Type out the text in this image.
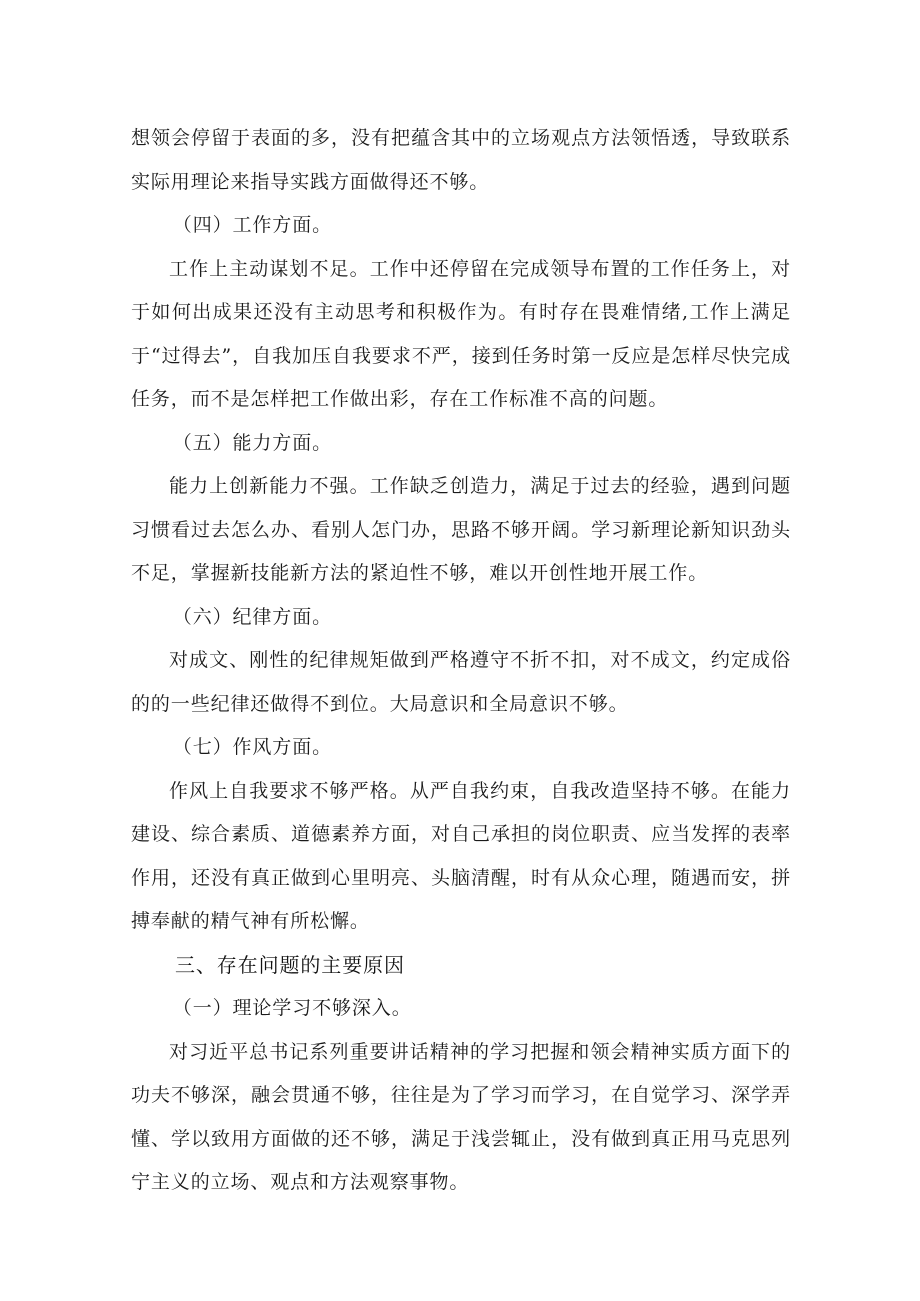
想领会停留于表面的多，没有把蕴含其中的立场观点方法领悟透，导致联系实际用理论来指导实践方面做得还不够。

（四）工作方面。

工作上主动谋划不足。工作中还停留在完成领导布置的工作任务上，对于如何出成果还没有主动思考和积极作为。有时存在畏难情绪,工作上满足于“过得去”，自我加压自我要求不严，接到任务时第一反应是怎样尽快完成任务，而不是怎样把工作做出彩，存在工作标准不高的问题。

（五）能力方面。

能力上创新能力不强。工作缺乏创造力，满足于过去的经验，遇到问题习惯看过去怎么办、看别人怎门办，思路不够开阔。学习新理论新知识劲头不足，掌握新技能新方法的紧迫性不够，难以开创性地开展工作。

（六）纪律方面。

对成文、刚性的纪律规矩做到严格遵守不折不扣，对不成文，约定成俗的的一些纪律还做得不到位。大局意识和全局意识不够。

（七）作风方面。

作风上自我要求不够严格。从严自我约束，自我改造坚持不够。在能力建设、综合素质、道德素养方面，对自己承担的岗位职责、应当发挥的表率作用，还没有真正做到心里明亮、头脑清醒，时有从众心理，随遇而安，拼搏奉献的精气神有所松懈。

三、存在问题的主要原因

（一）理论学习不够深入。

对习近平总书记系列重要讲话精神的学习把握和领会精神实质方面下的功夫不够深，融会贯通不够，往往是为了学习而学习，在自觉学习、深学弄懂、学以致用方面做的还不够，满足于浅尝辄止，没有做到真正用马克思列宁主义的立场、观点和方法观察事物。
